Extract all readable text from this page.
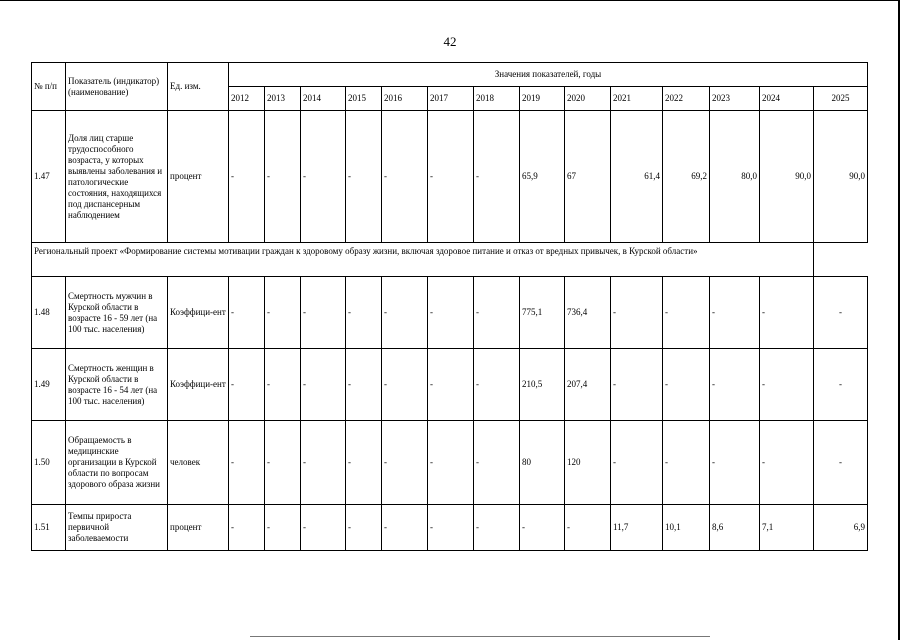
42
№ п/п	Показатель (индикатор) (наименование)	Ед. изм.	Значения показателей, годы													
			2012	2013	2014	2015	2016	2017	2018	2019	2020	2021	2022	2023	2024	2025
1.47	Доля лиц старше трудоспособного возраста, у которых выявлены заболевания и патологические состояния, находящихся под диспансерным наблюдением	процент	-	-	-	-	-	-	-	65,9	67	61,4	69,2	80,0	90,0	90,0
Региональный проект «Формирование системы мотивации граждан к здоровому образу жизни, включая здоровое питание и отказ от вредных привычек, в Курской области»																
1.48	Смертность мужчин в Курской области в возрасте 16 - 59 лет (на 100 тыс. населения)	Коэффици-ент	-	-	-	-	-	-	-	775,1	736,4	-	-	-	-	-
1.49	Смертность женщин в Курской области в возрасте 16 - 54 лет (на 100 тыс. населения)	Коэффици-ент	-	-	-	-	-	-	-	210,5	207,4	-	-	-	-	-
1.50	Обращаемость в медицинские организации в Курской области по вопросам здорового образа жизни	человек	-	-	-	-	-	-	-	80	120	-	-	-	-	-
1.51	Темпы прироста первичной заболеваемости	процент	-	-	-	-	-	-	-	-	-	11,7	10,1	8,6	7,1	6,9
